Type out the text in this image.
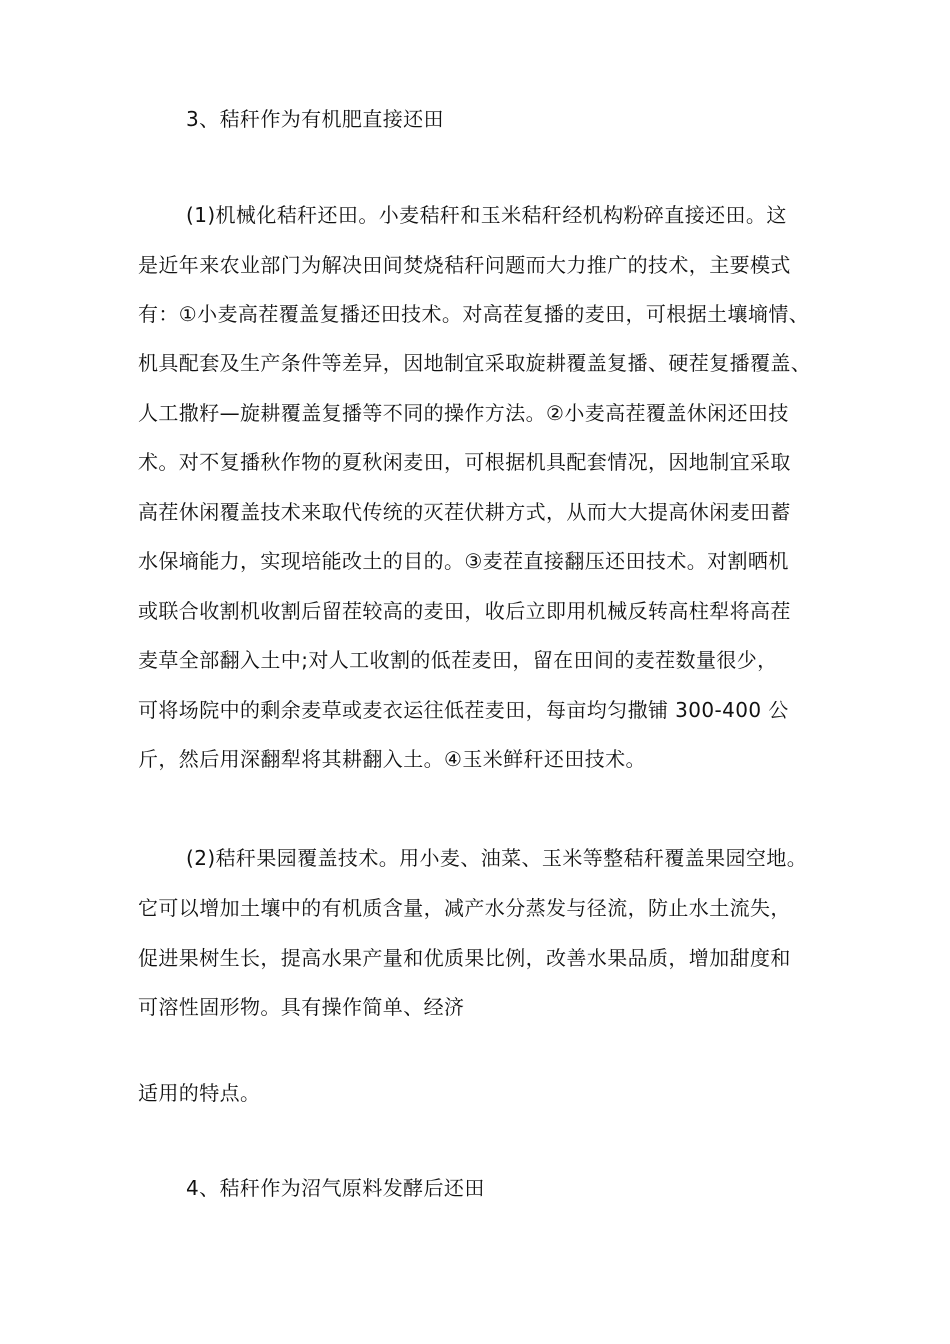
3、秸秆作为有机肥直接还田
(1)机械化秸秆还田。小麦秸秆和玉米秸秆经机构粉碎直接还田。这
是近年来农业部门为解决田间焚烧秸秆问题而大力推广的技术，主要模式
有：①小麦高茬覆盖复播还田技术。对高茬复播的麦田，可根据土壤墒情、
机具配套及生产条件等差异，因地制宜采取旋耕覆盖复播、硬茬复播覆盖、
人工撒籽—旋耕覆盖复播等不同的操作方法。②小麦高茬覆盖休闲还田技
术。对不复播秋作物的夏秋闲麦田，可根据机具配套情况，因地制宜采取
高茬休闲覆盖技术来取代传统的灭茬伏耕方式，从而大大提高休闲麦田蓄
水保墒能力，实现培能改土的目的。③麦茬直接翻压还田技术。对割晒机
或联合收割机收割后留茬较高的麦田，收后立即用机械反转高柱犁将高茬
麦草全部翻入土中;对人工收割的低茬麦田，留在田间的麦茬数量很少，
可将场院中的剩余麦草或麦衣运往低茬麦田，每亩均匀撒铺 300-400 公
斤，然后用深翻犁将其耕翻入土。④玉米鲜秆还田技术。
(2)秸秆果园覆盖技术。用小麦、油菜、玉米等整秸秆覆盖果园空地。
它可以增加土壤中的有机质含量，减产水分蒸发与径流，防止水土流失，
促进果树生长，提高水果产量和优质果比例，改善水果品质，增加甜度和
可溶性固形物。具有操作简单、经济
适用的特点。
4、秸秆作为沼气原料发酵后还田
